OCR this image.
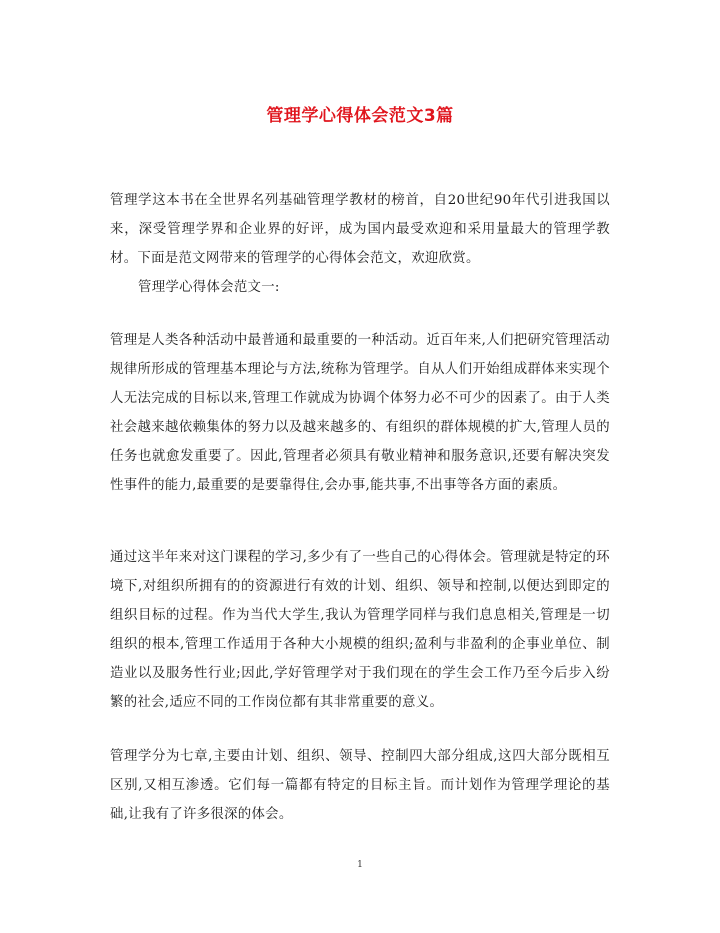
管理学心得体会范文3篇

管理学这本书在全世界名列基础管理学教材的榜首，自20世纪90年代引进我国以来，深受管理学界和企业界的好评，成为国内最受欢迎和采用量最大的管理学教材。下面是范文网带来的管理学的心得体会范文，欢迎欣赏。

管理学心得体会范文一:

管理是人类各种活动中最普通和最重要的一种活动。近百年来,人们把研究管理活动规律所形成的管理基本理论与方法,统称为管理学。自从人们开始组成群体来实现个人无法完成的目标以来,管理工作就成为协调个体努力必不可少的因素了。由于人类社会越来越依赖集体的努力以及越来越多的、有组织的群体规模的扩大,管理人员的任务也就愈发重要了。因此,管理者必须具有敬业精神和服务意识,还要有解决突发性事件的能力,最重要的是要靠得住,会办事,能共事,不出事等各方面的素质。

通过这半年来对这门课程的学习,多少有了一些自己的心得体会。管理就是特定的环境下,对组织所拥有的的资源进行有效的计划、组织、领导和控制,以便达到即定的组织目标的过程。作为当代大学生,我认为管理学同样与我们息息相关,管理是一切组织的根本,管理工作适用于各种大小规模的组织;盈利与非盈利的企事业单位、制造业以及服务性行业;因此,学好管理学对于我们现在的学生会工作乃至今后步入纷繁的社会,适应不同的工作岗位都有其非常重要的意义。

管理学分为七章,主要由计划、组织、领导、控制四大部分组成,这四大部分既相互区别,又相互渗透。它们每一篇都有特定的目标主旨。而计划作为管理学理论的基础,让我有了许多很深的体会。

1
